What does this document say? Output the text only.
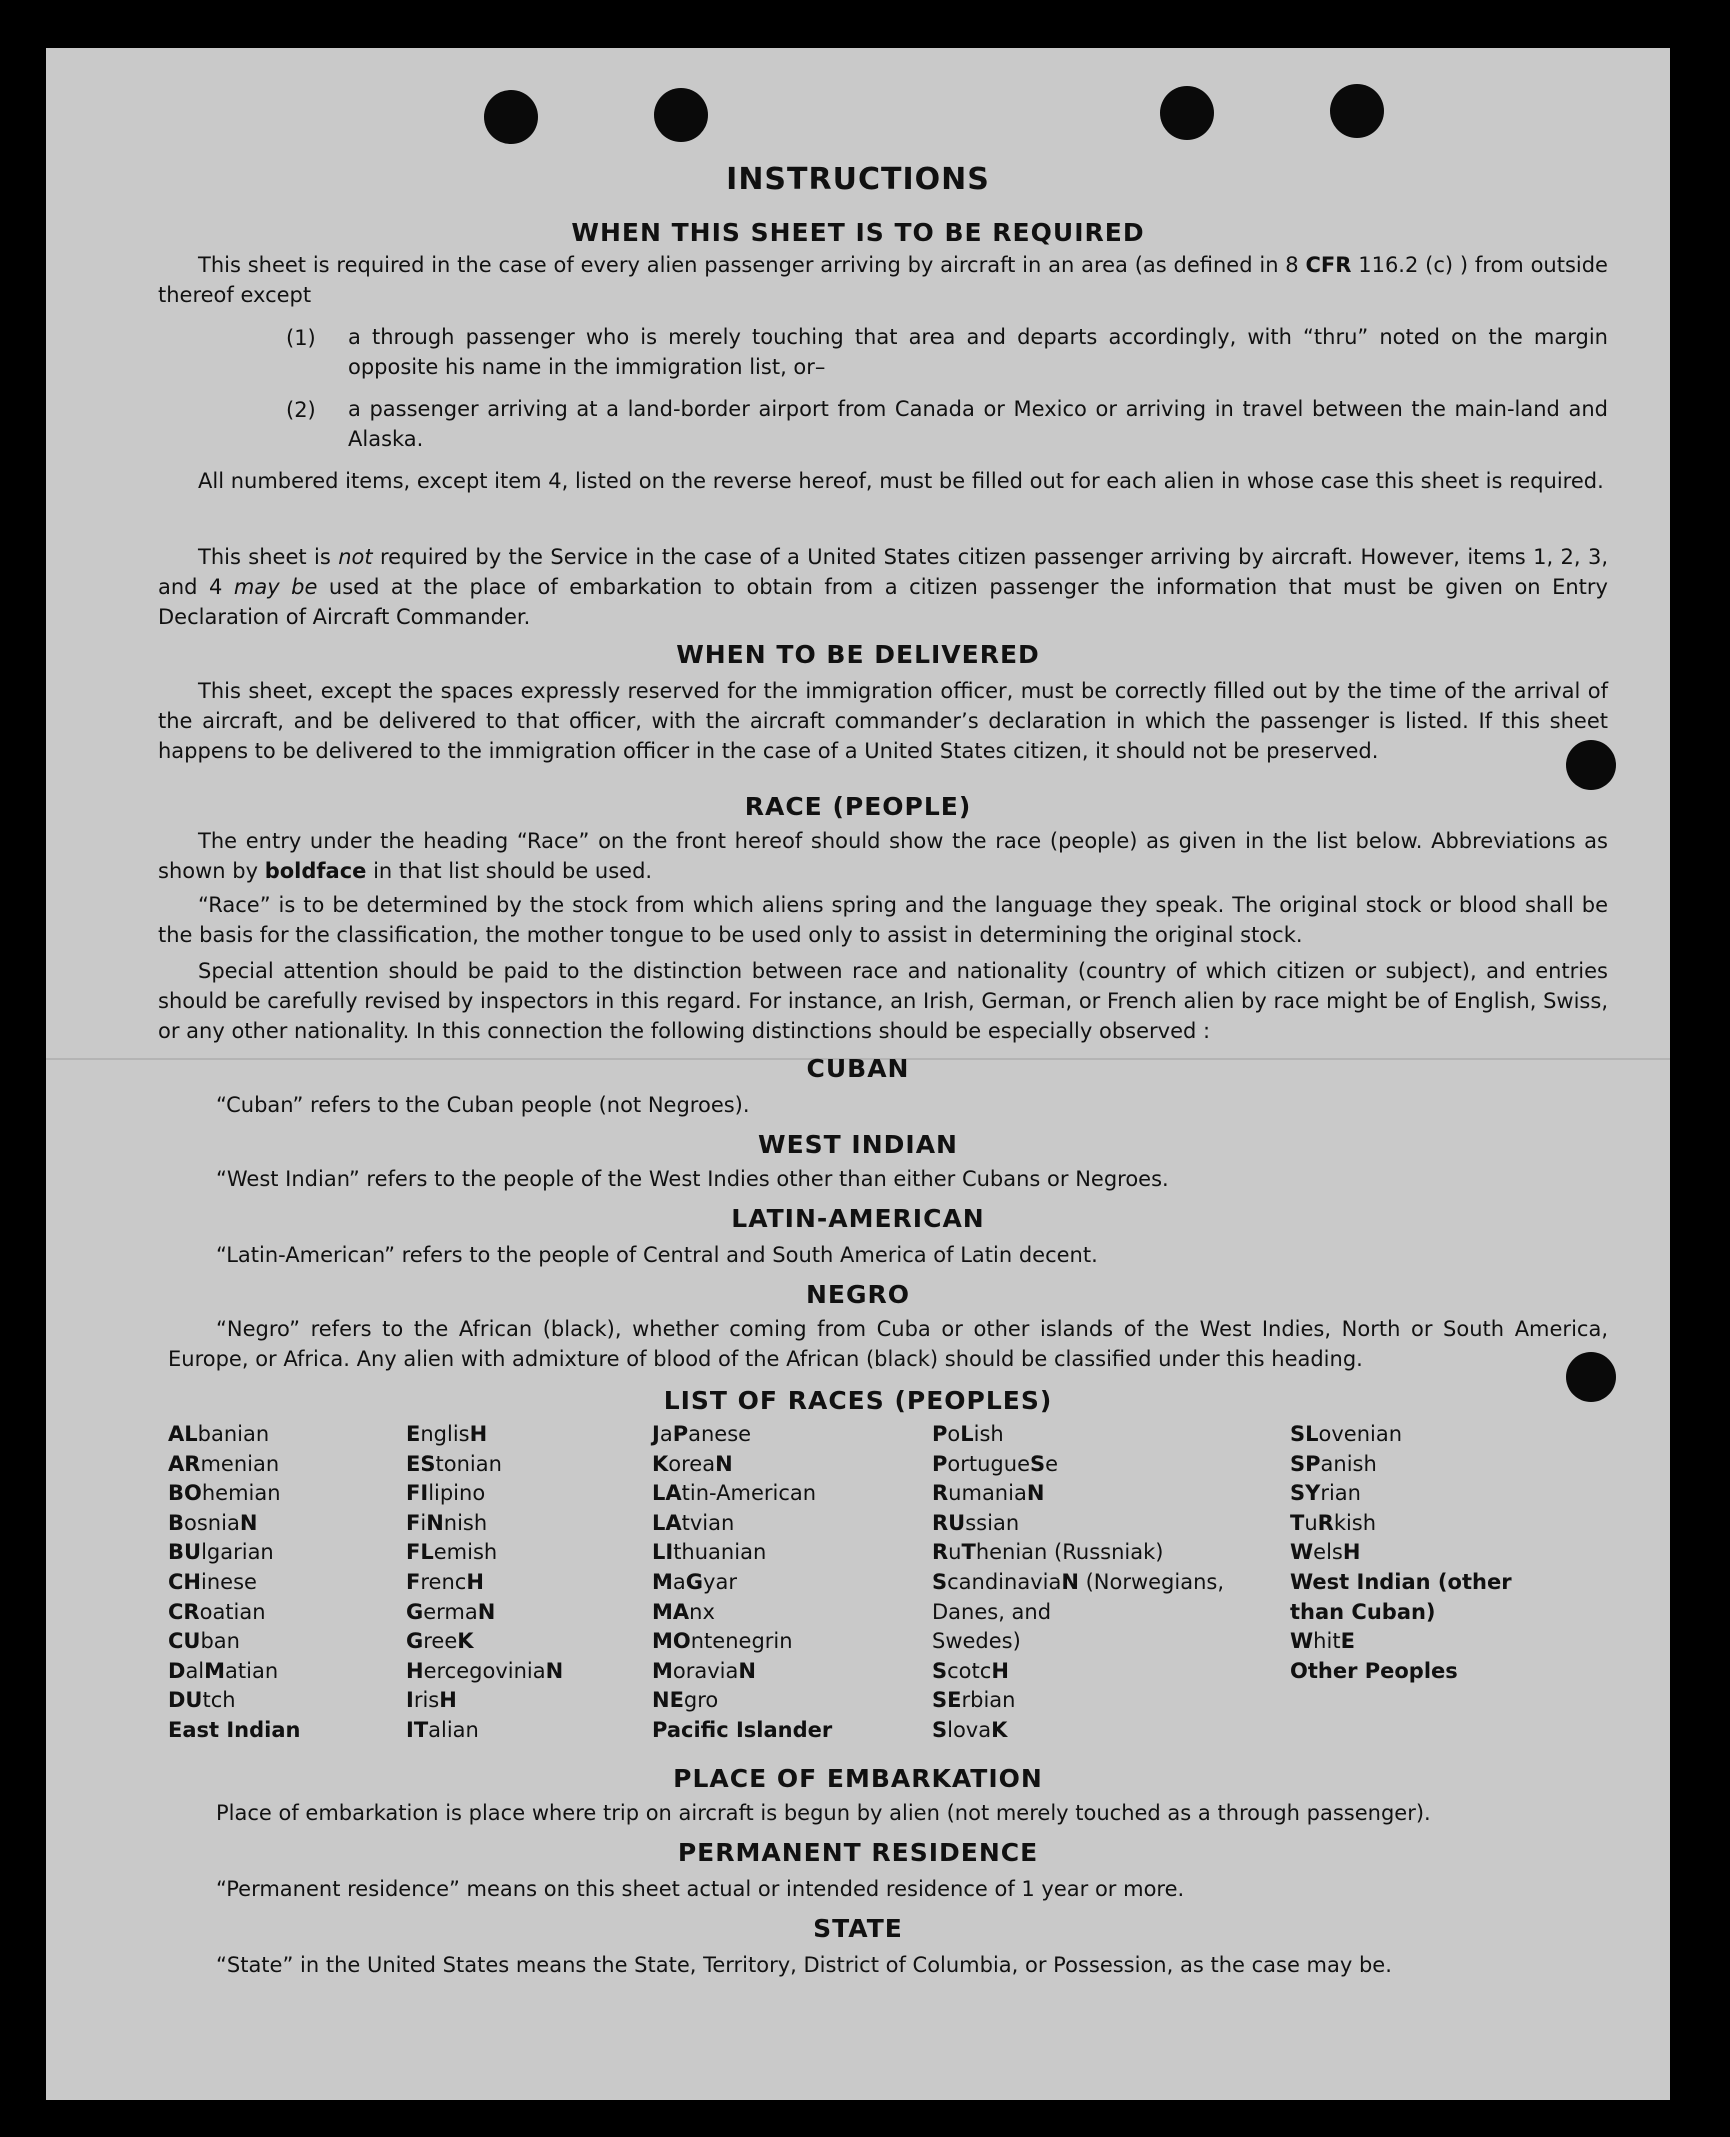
INSTRUCTIONS
WHEN THIS SHEET IS TO BE REQUIRED
This sheet is required in the case of every alien passenger arriving by aircraft in an area (as defined in 8 CFR 116.2 (c) ) from outside thereof except
(1) a through passenger who is merely touching that area and departs accordingly, with “thru” noted on the margin opposite his name in the immigration list, or–
(2) a passenger arriving at a land-border airport from Canada or Mexico or arriving in travel between the main-land and Alaska.
All numbered items, except item 4, listed on the reverse hereof, must be filled out for each alien in whose case this sheet is required.
This sheet is not required by the Service in the case of a United States citizen passenger arriving by aircraft. However, items 1, 2, 3, and 4 may be used at the place of embarkation to obtain from a citizen passenger the information that must be given on Entry Declaration of Aircraft Commander.
WHEN TO BE DELIVERED
This sheet, except the spaces expressly reserved for the immigration officer, must be correctly filled out by the time of the arrival of the aircraft, and be delivered to that officer, with the aircraft commander’s declaration in which the passenger is listed. If this sheet happens to be delivered to the immigration officer in the case of a United States citizen, it should not be preserved.
RACE (PEOPLE)
The entry under the heading “Race” on the front hereof should show the race (people) as given in the list below. Abbreviations as shown by boldface in that list should be used.
“Race” is to be determined by the stock from which aliens spring and the language they speak. The original stock or blood shall be the basis for the classification, the mother tongue to be used only to assist in determining the original stock.
Special attention should be paid to the distinction between race and nationality (country of which citizen or subject), and entries should be carefully revised by inspectors in this regard. For instance, an Irish, German, or French alien by race might be of English, Swiss, or any other nationality. In this connection the following distinctions should be especially observed :
CUBAN
“Cuban” refers to the Cuban people (not Negroes).
WEST INDIAN
“West Indian” refers to the people of the West Indies other than either Cubans or Negroes.
LATIN-AMERICAN
“Latin-American” refers to the people of Central and South America of Latin decent.
NEGRO
“Negro” refers to the African (black), whether coming from Cuba or other islands of the West Indies, North or South America, Europe, or Africa. Any alien with admixture of blood of the African (black) should be classified under this heading.
LIST OF RACES (PEOPLES)
ALbanian
ARmenian
BOhemian
BosniaN
BUlgarian
CHinese
CRoatian
CUban
DalMatian
DUtch
East Indian
EnglisH
EStonian
FIlipino
FiNnish
FLemish
FrencH
GermaN
GreeK
HercegoviniaN
IrisH
ITalian
JaPanese
KoreaN
LAtin-American
LAtvian
LIthuanian
MaGyar
MAnx
MOntenegrin
MoraviaN
NEgro
Pacific Islander
PoLish
PortugueSe
RumaniaN
RUssian
RuThenian (Russniak)
ScandinaviaN (Norwegians,
Danes, and
Swedes)
ScotcH
SErbian
SlovaK
SLovenian
SPanish
SYrian
TuRkish
WelsH
West Indian (other
than Cuban)
WhitE
Other Peoples
PLACE OF EMBARKATION
Place of embarkation is place where trip on aircraft is begun by alien (not merely touched as a through passenger).
PERMANENT RESIDENCE
“Permanent residence” means on this sheet actual or intended residence of 1 year or more.
STATE
“State” in the United States means the State, Territory, District of Columbia, or Possession, as the case may be.
